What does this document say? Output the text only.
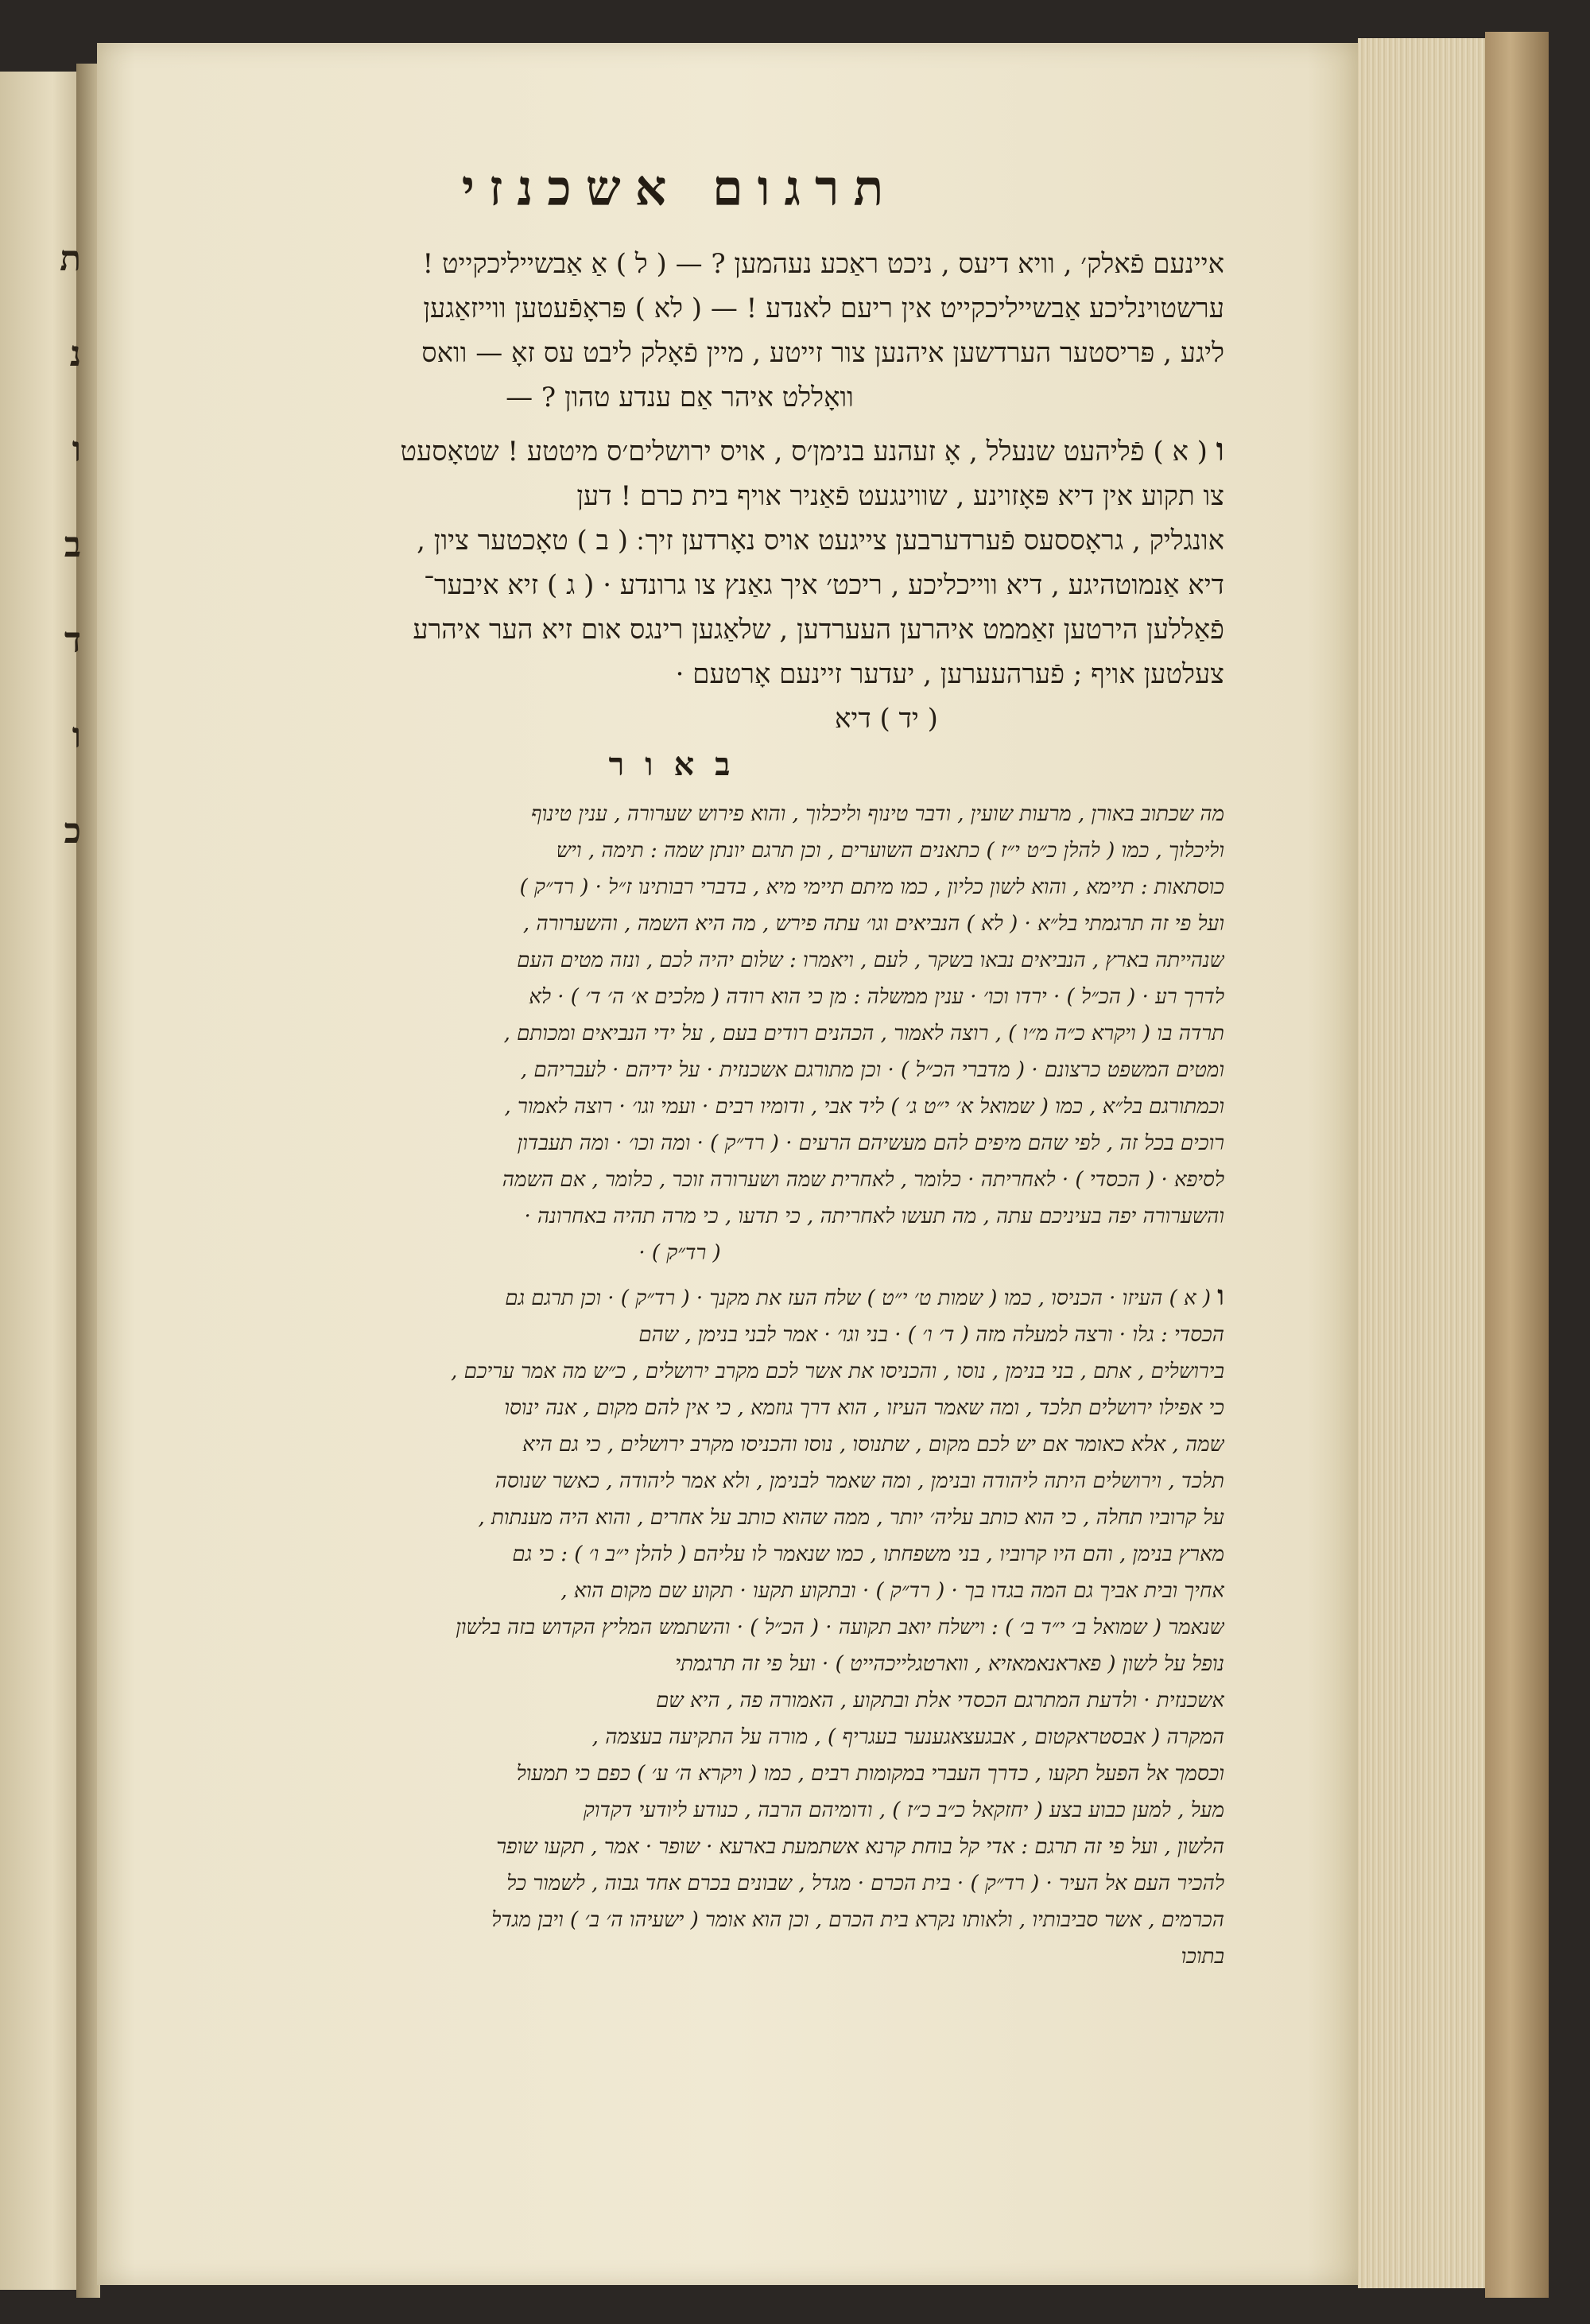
ת
נ
ו
ב
ד
ו
כ
תרגום אשכנזי
איינעם פֿאלק׳ , וויא דיעס , ניכט ראַכע נעהמען ? — ( ל ) אַ אַבשייליכקייט !
ערשטוינליכע אַבשייליכקייט אין ריעם לאנדע ! — ( לא ) פּראָפֿעטען ווייזאַגען
ליגע , פּריסטער הערדשען איהנען צור זייטע , מיין פֿאָלק ליבט עס זאָ — וואס
וואָללט איהר אַם ענדע טהון ? —
ו ( א ) פֿליהעט שנעלל , אָ זעהנע בנימן׳ס , אויס ירושלים׳ס מיטטע ! שטאָסעט
צו תקוע אין דיא פּאָזוינע , שווינגעט פֿאַניר אויף בית כרם ! דען
אונגליק , גראָססעס פֿערדערבען צייגעט אויס נאָרדען זיך ׃ ( ב ) טאָכטער ציון ,
דיא אַנמוטהיגע , דיא ווייכליכע , ריכט׳ איך גאַנץ צו גרונדע · ( ג ) זיא איבער־
פֿאַללען הירטען זאַממט איהרען העערדען , שלאַגען רינגס אום זיא הער איהרע
צעלטען אויף ; פֿערהעערען , יעדער זיינעם אָרטעם ·
( יד ) דיא
באור
מה שכתוב באורן , מרעות שועין , ודבר טינוף וליכלוך , והוא פירוש שערורה , ענין טינוף
וליכלוך , כמו ( להלן כ״ט י״ז ) כתאנים השוערים , וכן תרגם יונתן שמה : תימה , ויש
כוסתאות : תיימא , והוא לשון כליון , כמו מיתם תיימי מיא , בדברי רבותינו ז״ל · ( רד״ק )
ועל פי זה תרגמתי בל״א · ( לא ) הנביאים וגו׳ עתה פירש , מה היא השמה , והשערורה ,
שנהייתה בארץ , הנביאים נבאו בשקר , לעם , ויאמרו : שלום יהיה לכם , ונזה מטים העם
לדרך רע · ( הכ״ל ) · ירדו וכו׳ · ענין ממשלה : מן כי הוא רודה ( מלכים א׳ ה׳ ד׳ ) · לא
תרדה בו ( ויקרא כ״ה מ״ו ) , רוצה לאמור , הכהנים רודים בעם , על ידי הנביאים ומכותם ,
ומטים המשפט כרצונם · ( מדברי הכ״ל ) · וכן מתורגם אשכנזית · על ידיהם · לעבריהם ,
וכמתורגם בל״א , כמו ( שמואל א׳ י״ט ג׳ ) ליד אבי , ודומיו רבים · ועמי וגו׳ · רוצה לאמור ,
רוכים בכל זה , לפי שהם מיפים להם מעשיהם הרעים · ( רד״ק ) · ומה וכו׳ · ומה תעבדון
לסיפא · ( הכסדי ) · לאחריתה · כלומר , לאחרית שמה ושערורה זוכר , כלומר , אם השמה
והשערורה יפה בעיניכם עתה , מה תעשו לאחריתה , כי תדעו , כי מרה תהיה באחרונה ·
( רד״ק ) ·
ו ( א ) העיזו · הכניסו , כמו ( שמות ט׳ י״ט ) שלח העז את מקנך · ( רד״ק ) · וכן תרגם גם
הכסדי : גלו · ורצה למעלה מזה ( ד׳ ו׳ ) · בני וגו׳ · אמר לבני בנימן , שהם
בירושלים , אתם , בני בנימן , נוסו , והכניסו את אשר לכם מקרב ירושלים , כ״ש מה אמר עריכם ,
כי אפילו ירושלים תלכד , ומה שאמר העיזו , הוא דרך גוזמא , כי אין להם מקום , אנה ינוסו
שמה , אלא כאומר אם יש לכם מקום , שתנוסו , נוסו והכניסו מקרב ירושלים , כי גם היא
תלכד , וירושלים היתה ליהודה ובנימן , ומה שאמר לבנימן , ולא אמר ליהודה , כאשר שנוסה
על קרוביו תחלה , כי הוא כותב עליה׳ יותר , ממה שהוא כותב על אחרים , והוא היה מענתות ,
מארץ בנימן , והם היו קרוביו , בני משפחתו , כמו שנאמר לו עליהם ( להלן י״ב ו׳ ) : כי גם
אחיך ובית אביך גם המה בגדו בך · ( רד״ק ) · ובתקוע תקעו · תקוע שם מקום הוא ,
שנאמר ( שמואל ב׳ י״ד ב׳ ) : וישלח יואב תקועה · ( הכ״ל ) · והשתמש המליץ הקדוש בזה בלשון
נופל על לשון ( פאראנאמאזיא , ווארטגלייכהייט ) · ועל פי זה תרגמתי
אשכנזית · ולדעת המתרגם הכסדי אלת ובתקוע , האמורה פה , היא שם
המקרה ( אבסטראקטום , אבגעצאגענער בעגריף ) , מורה על התקיעה בעצמה ,
וכסמך אל הפעל תקעו , כדרך העברי במקומות רבים , כמו ( ויקרא ה׳ ע׳ ) כפם כי תמעול
מעל , למען כבוע בצע ( יחזקאל כ״ב כ״ז ) , ודומיהם הרבה , כנודע ליודעי דקדוק
הלשון , ועל פי זה תרגם : אדי קל בוחת קרנא אשתמעת בארעא · שופר · אמר , תקעו שופר
להכיר העם אל העיר · ( רד״ק ) · בית הכרם · מגדל , שבונים בכרם אחד גבוה , לשמור כל
הכרמים , אשר סביבותיו , ולאותו נקרא בית הכרם , וכן הוא אומר ( ישעיהו ה׳ ב׳ ) ויבן מגדל
בתוכו
